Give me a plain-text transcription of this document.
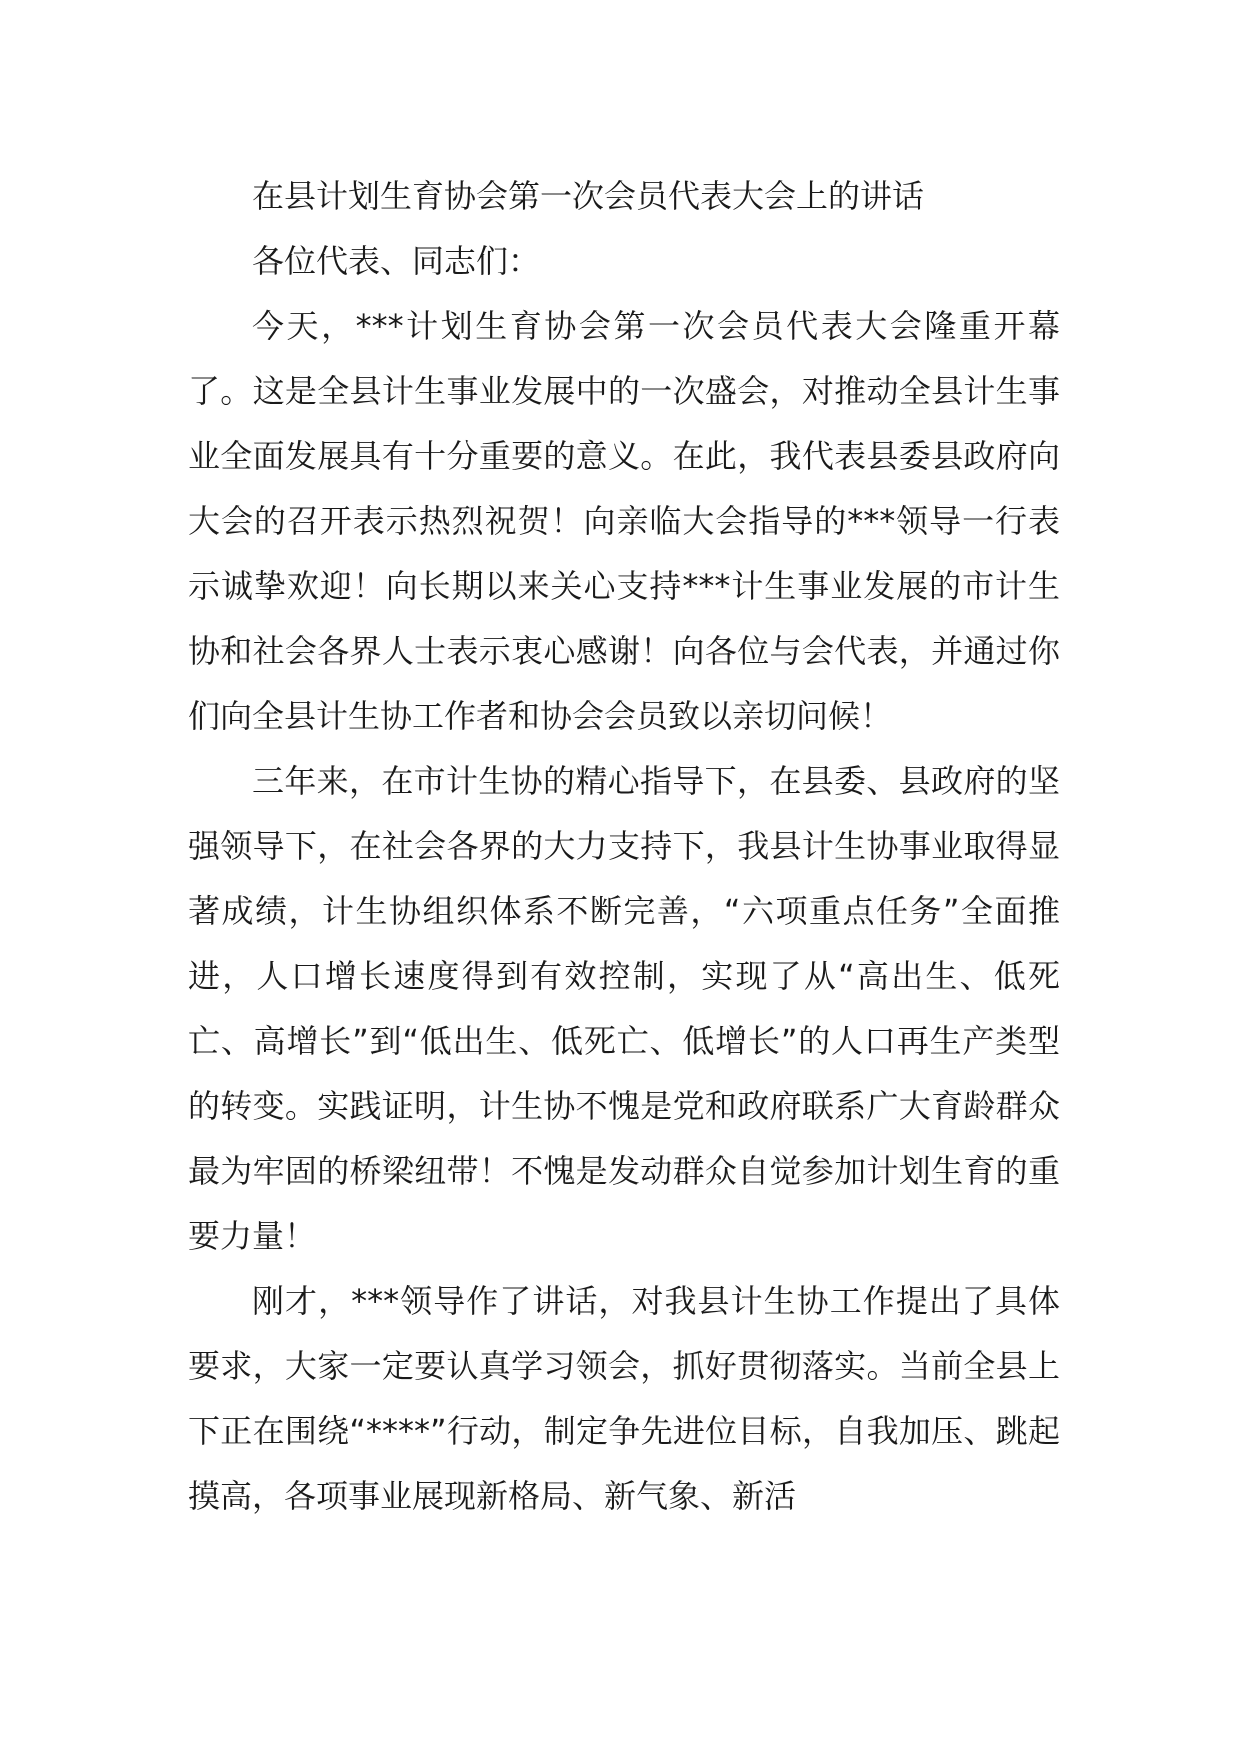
在县计划生育协会第一次会员代表大会上的讲话

各位代表、同志们：

今天，***计划生育协会第一次会员代表大会隆重开幕了。这是全县计生事业发展中的一次盛会，对推动全县计生事业全面发展具有十分重要的意义。在此，我代表县委县政府向大会的召开表示热烈祝贺！向亲临大会指导的***领导一行表示诚挚欢迎！向长期以来关心支持***计生事业发展的市计生协和社会各界人士表示衷心感谢！向各位与会代表，并通过你们向全县计生协工作者和协会会员致以亲切问候！

三年来，在市计生协的精心指导下，在县委、县政府的坚强领导下，在社会各界的大力支持下，我县计生协事业取得显著成绩，计生协组织体系不断完善，“六项重点任务”全面推进，人口增长速度得到有效控制，实现了从“高出生、低死亡、高增长”到“低出生、低死亡、低增长”的人口再生产类型的转变。实践证明，计生协不愧是党和政府联系广大育龄群众最为牢固的桥梁纽带！不愧是发动群众自觉参加计划生育的重要力量！

刚才，***领导作了讲话，对我县计生协工作提出了具体要求，大家一定要认真学习领会，抓好贯彻落实。当前全县上下正在围绕“****”行动，制定争先进位目标，自我加压、跳起摸高，各项事业展现新格局、新气象、新活
